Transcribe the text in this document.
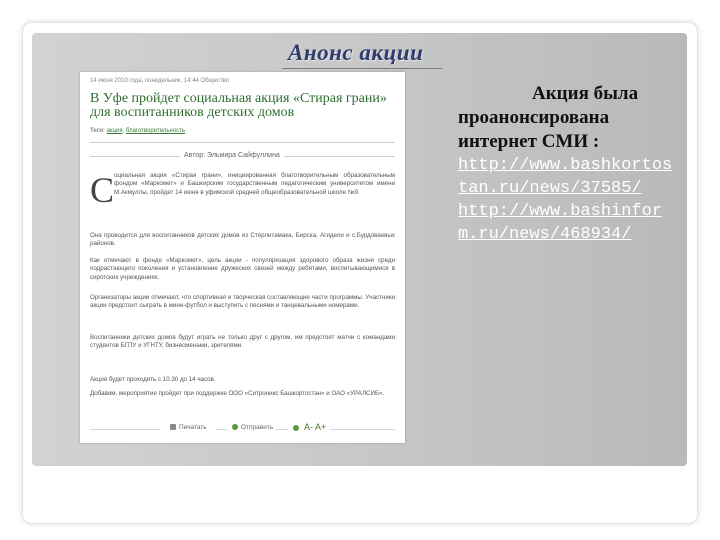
Анонс акции
14 июня 2010 года, понедельник, 14:44 Общество
В Уфе пройдет социальная акция «Стирая грани» для воспитанников детских домов
Теги: акция, благотворительность
Автор: Эльмира Сайфуллина
С оциальная акция «Стирая грани», инициированная благотворительным образовательным фондом «Маркомет» и Башкирским государственным педагогическим университетом имени М.Акмуллы, пройдет 14 июня в уфимской средней общеобразовательной школе №9.
Она проводится для воспитанников детских домов из Стерлитамака, Бирска, Агидели и с.Бурдоваевых районов.
Как отмечают в фонде «Маркомет», цель акции - популяризация здорового образа жизни среди подрастающего поколения и установление дружеских связей между ребятами, воспитывающимися в сиротских учреждениях.
Организаторы акции отмечают, что спортивная и творческая составляющие части программы. Участники акции предстоит сыграть в мини-футбол и выступить с песнями и танцевальными номерами.
Воспитанники детских домов будут играть не только друг с другом, им предстоят матчи с командами студентов БГПУ и УГНТУ, бизнесменами, зрителями.
Акция будет проходить с 10.30 до 14 часов.
Добавим, мероприятие пройдет при поддержке ООО «Ситроникс Башкортостан» и ОАО «УРАЛСИБ».
Печатать	Отправить	A- A+
Акция была проанонсирована интернет СМИ :
http://www.bashkortostan.ru/news/37585/
http://www.bashinform.ru/news/468934/
